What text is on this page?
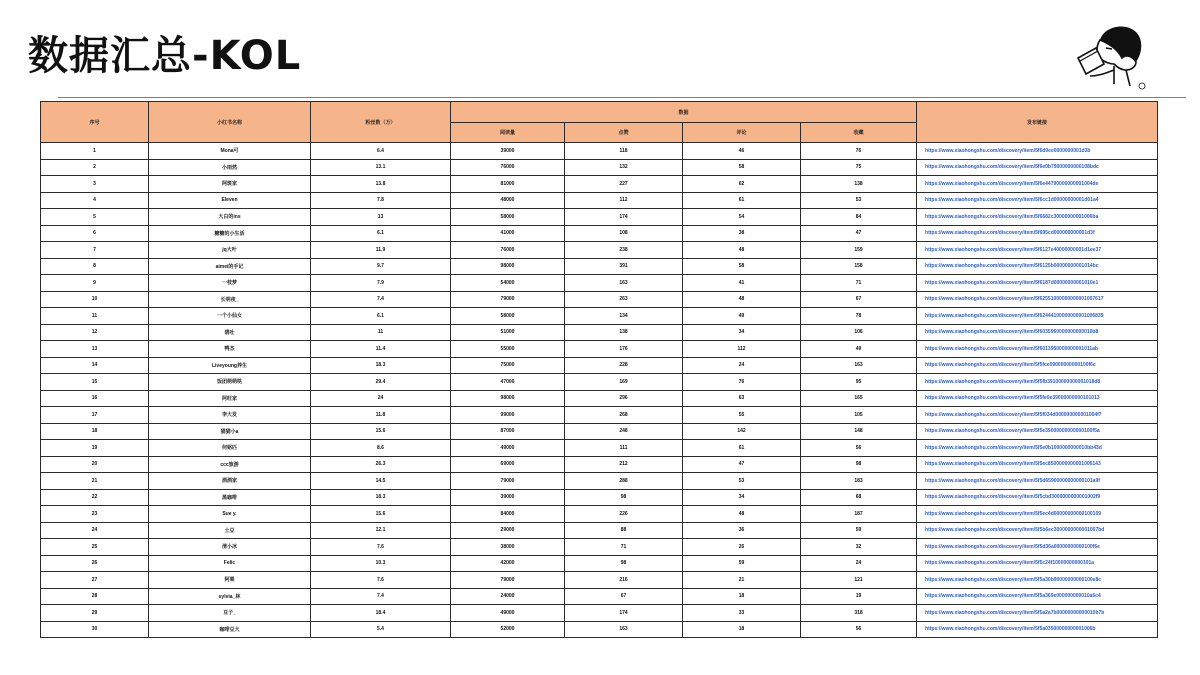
数据汇总-KOL
序号	小红书名称	粉丝数（万）	数据				发布链接
			阅读量	点赞	评论	收藏	
1	Mona可	6.4	39000	118	46	76	https://www.xiaohongshu.com/discovery/item/5f6d0ee0000000001d3b
2	小雨然	13.1	76000	132	58	75	https://www.xiaohongshu.com/discovery/item/5f6e0b79000000000108bdc
3	阿斑家	13.8	81000	227	62	138	https://www.xiaohongshu.com/discovery/item/5f6e44790000000001004de
4	Eleven	7.8	48000	112	61	53	https://www.xiaohongshu.com/discovery/item/5f6cc1d00000000001d01a4
5	大白的ins	13	58000	174	54	84	https://www.xiaohongshu.com/discovery/item/5f6682c30000000001006ba
6	糖糖的小生活	6.1	41000	108	38	47	https://www.xiaohongshu.com/discovery/item/5f695cd000000000001d3f
7	jq大叶	11.9	76000	238	48	159	https://www.xiaohongshu.com/discovery/item/5f6127e40000000001d1ee37
8	aimei的手记	9.7	98000	391	58	158	https://www.xiaohongshu.com/discovery/item/5f6125b00000000001014bc
9	一枝梦	7.9	54000	163	41	71	https://www.xiaohongshu.com/discovery/item/5f6187d00000000001010e1
10	长明夜_	7.4	79000	263	48	67	https://www.xiaohongshu.com/discovery/item/5f62551000000000001007617
11	一个小仙女	6.1	58000	134	49	78	https://www.xiaohongshu.com/discovery/item/5f62444100000000001006839
12	碧吐	11	51000	138	34	106	https://www.xiaohongshu.com/discovery/item/5f6035960000000000010b8
13	鸭杰	11.4	55000	176	112	49	https://www.xiaohongshu.com/discovery/item/5f6013950000000001011ab
14	Liveyoung养生	18.3	75000	228	24	163	https://www.xiaohongshu.com/discovery/item/5f5fce09000000000100f6c
15	饭团萌萌哒	29.4	47000	169	76	95	https://www.xiaohongshu.com/discovery/item/5f5fb39100000000001018d8
16	阿旺家	24	98000	296	63	165	https://www.xiaohongshu.com/discovery/item/5f5fe0e39000000000101013
17	李大发	11.8	99000	268	55	105	https://www.xiaohongshu.com/discovery/item/5f5f034d000000000001004f7
18	猫猫小a	15.6	87000	248	142	148	https://www.xiaohongshu.com/discovery/item/5f5e39000000000000100f5a
19	何铭匹	8.6	49000	111	61	56	https://www.xiaohongshu.com/discovery/item/5f5e0b1000000000010bb43d
20	ccc旅游	26.3	69000	212	47	98	https://www.xiaohongshu.com/discovery/item/5f5ec8500000000001006143
21	酒酒家	14.5	79000	288	53	183	https://www.xiaohongshu.com/discovery/item/5f5d65900000000000101a9f
22	黑咖啡	18.3	39000	98	34	68	https://www.xiaohongshu.com/discovery/item/5f5cbd3000000000001002f9
23	Sue y.	15.6	84000	226	48	187	https://www.xiaohongshu.com/discovery/item/5f5ec4d00000000000100109
24	土豆	12.1	29000	88	36	59	https://www.xiaohongshu.com/discovery/item/5f5b6ec3000000000001007bd
25	清小冰	7.6	38000	71	26	32	https://www.xiaohongshu.com/discovery/item/5f5d36a00000000000100f6e
26	Felic	10.3	42000	98	59	24	https://www.xiaohongshu.com/discovery/item/5f5c24f10000000000101a
27	阿栗	7.6	79000	216	21	121	https://www.xiaohongshu.com/discovery/item/5f5a30b90000000000100e8c
28	sylvia_林	7.4	24000	67	18	19	https://www.xiaohongshu.com/discovery/item/5f5a369e000000000010a5c4
29	豆子_	18.4	49000	174	33	318	https://www.xiaohongshu.com/discovery/item/5f5a2a7b00000000000010b7b
30	咖啡豆大	5.4	52000	163	18	56	https://www.xiaohongshu.com/discovery/item/5f5a03500000000001006b
